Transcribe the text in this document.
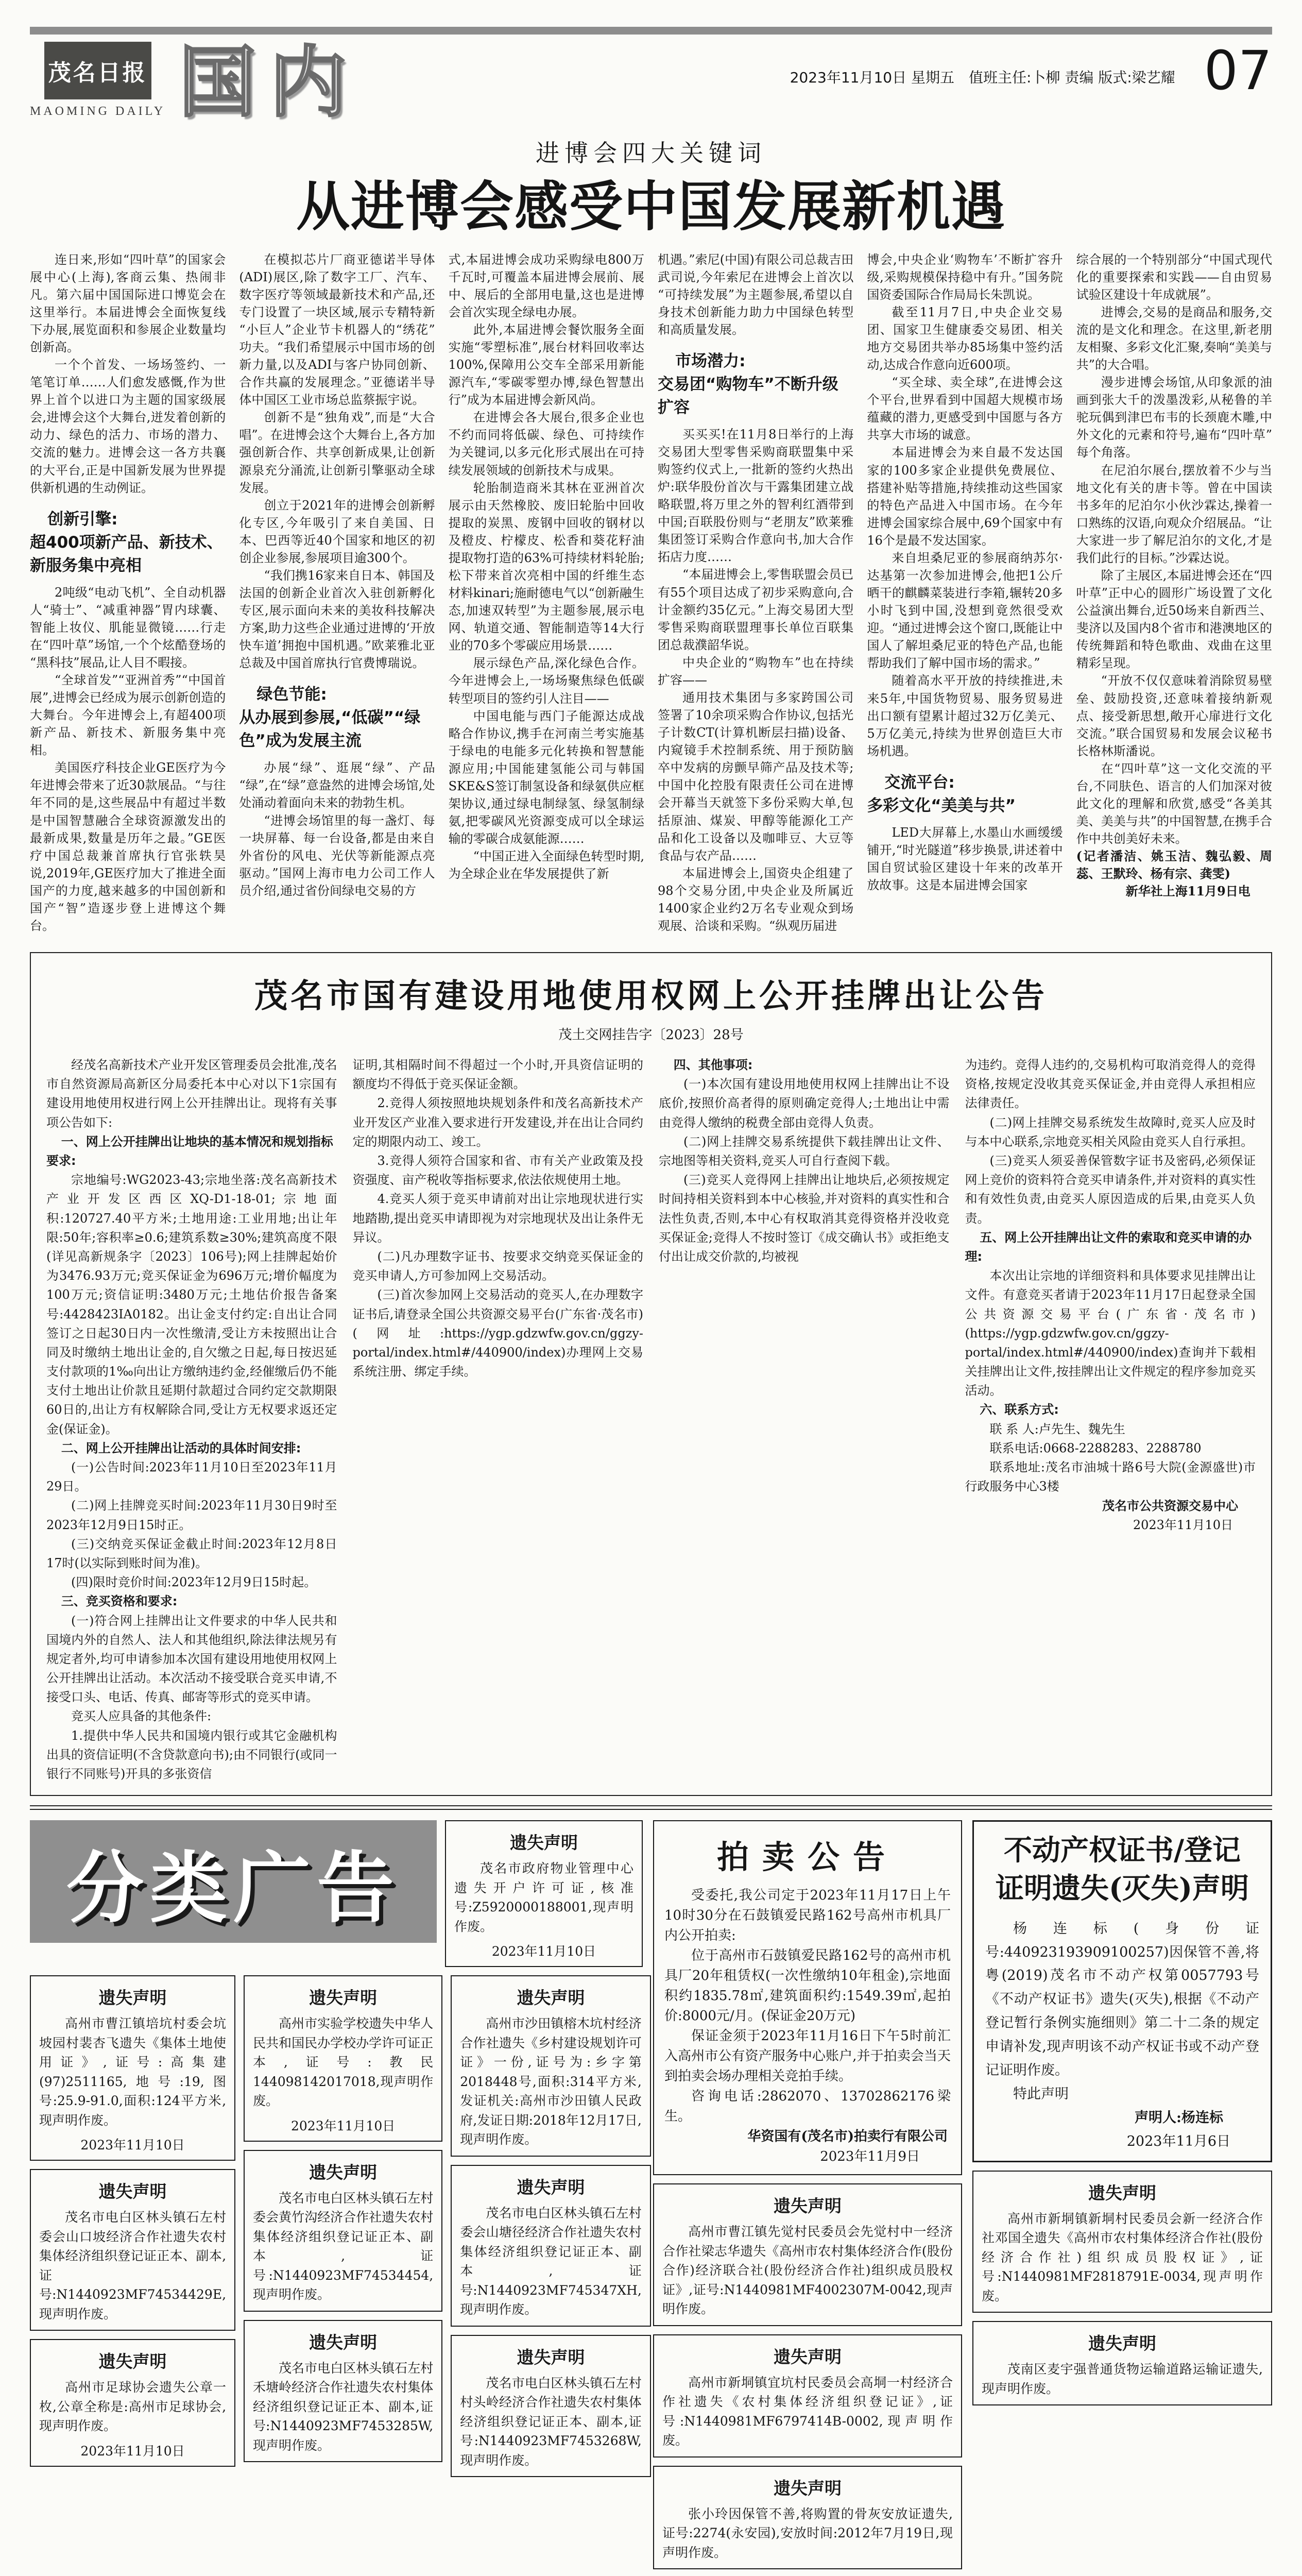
茂名日报
MAOMING DAILY 国内	2023年11月10日 星期五　值班主任:卜柳 责编 版式:梁艺耀 07
进博会四大关键词
从进博会感受中国发展新机遇

连日来,形如“四叶草”的国家会展中心(上海),客商云集、热闹非凡。第六届中国国际进口博览会在这里举行。本届进博会全面恢复线下办展,展览面积和参展企业数量均创新高。

一个个首发、一场场签约、一笔笔订单……人们愈发感慨,作为世界上首个以进口为主题的国家级展会,进博会这个大舞台,迸发着创新的动力、绿色的活力、市场的潜力、交流的魅力。进博会这一各方共襄的大平台,正是中国新发展为世界提供新机遇的生动例证。

创新引擎:

超400项新产品、新技术、新服务集中亮相

2吨级“电动飞机”、全自动机器人“骑士”、“减重神器”胃内球囊、智能上妆仪、肌能显微镜……行走在“四叶草”场馆,一个个炫酷登场的“黑科技”展品,让人目不暇接。

“全球首发”“亚洲首秀”“中国首展”,进博会已经成为展示创新创造的大舞台。今年进博会上,有超400项新产品、新技术、新服务集中亮相。

美国医疗科技企业GE医疗为今年进博会带来了近30款展品。“与往年不同的是,这些展品中有超过半数是中国智慧融合全球资源激发出的最新成果,数量是历年之最。”GE医疗中国总裁兼首席执行官张轶昊说,2019年,GE医疗加大了推进全面国产的力度,越来越多的中国创新和国产“智”造逐步登上进博这个舞台。

在模拟芯片厂商亚德诺半导体(ADI)展区,除了数字工厂、汽车、数字医疗等领域最新技术和产品,还专门设置了一块区域,展示专精特新“小巨人”企业节卡机器人的“绣花”功夫。“我们希望展示中国市场的创新力量,以及ADI与客户协同创新、合作共赢的发展理念。”亚德诺半导体中国区工业市场总监蔡振宇说。

创新不是“独角戏”,而是“大合唱”。在进博会这个大舞台上,各方加强创新合作、共享创新成果,让创新源泉充分涌流,让创新引擎驱动全球发展。

创立于2021年的进博会创新孵化专区,今年吸引了来自美国、日本、巴西等近40个国家和地区的初创企业参展,参展项目逾300个。

“我们携16家来自日本、韩国及法国的创新企业首次入驻创新孵化专区,展示面向未来的美妆科技解决方案,助力这些企业通过进博的‘开放快车道’拥抱中国机遇。”欧莱雅北亚总裁及中国首席执行官费博瑞说。

绿色节能:

从办展到参展,“低碳”“绿色”成为发展主流

办展“绿”、逛展“绿”、产品“绿”,在“绿”意盎然的进博会场馆,处处涌动着面向未来的勃勃生机。

“进博会场馆里的每一盏灯、每一块屏幕、每一台设备,都是由来自外省份的风电、光伏等新能源点亮驱动。”国网上海市电力公司工作人员介绍,通过省份间绿电交易的方

式,本届进博会成功采购绿电800万千瓦时,可覆盖本届进博会展前、展中、展后的全部用电量,这也是进博会首次实现全绿电办展。

此外,本届进博会餐饮服务全面实施“零塑标准”,展台材料回收率达100%,保障用公交车全部采用新能源汽车,“零碳零塑办博,绿色智慧出行”成为本届进博会新风尚。

在进博会各大展台,很多企业也不约而同将低碳、绿色、可持续作为关键词,以多元化形式展出在可持续发展领域的创新技术与成果。

轮胎制造商米其林在亚洲首次展示由天然橡胶、废旧轮胎中回收提取的炭黑、废钢中回收的钢材以及橙皮、柠檬皮、松香和葵花籽油提取物打造的63%可持续材料轮胎;松下带来首次亮相中国的纤维生态材料kinari;施耐德电气以“创新融生态,加速双转型”为主题参展,展示电网、轨道交通、智能制造等14大行业的70多个零碳应用场景……

展示绿色产品,深化绿色合作。今年进博会上,一场场聚焦绿色低碳转型项目的签约引人注目——

中国电能与西门子能源达成战略合作协议,携手在河南兰考实施基于绿电的电能多元化转换和智慧能源应用;中国能建氢能公司与韩国SKE&S签订制氢设备和绿氨供应框架协议,通过绿电制绿氢、绿氢制绿氨,把零碳风光资源变成可以全球运输的零碳合成氨能源……

“中国正进入全面绿色转型时期,为全球企业在华发展提供了新

机遇。”索尼(中国)有限公司总裁吉田武司说,今年索尼在进博会上首次以“可持续发展”为主题参展,希望以自身技术创新能力助力中国绿色转型和高质量发展。

市场潜力:

交易团“购物车”不断升级扩容

买买买!在11月8日举行的上海交易团大型零售采购商联盟集中采购签约仪式上,一批新的签约火热出炉:联华股份首次与干露集团建立战略联盟,将万里之外的智利红酒带到中国;百联股份则与“老朋友”欧莱雅集团签订采购合作意向书,加大合作拓店力度……

“本届进博会上,零售联盟会员已有55个项目达成了初步采购意向,合计金额约35亿元。”上海交易团大型零售采购商联盟理事长单位百联集团总裁濮韶华说。

中央企业的“购物车”也在持续扩容——

通用技术集团与多家跨国公司签署了10余项采购合作协议,包括光子计数CT(计算机断层扫描)设备、内窥镜手术控制系统、用于预防脑卒中发病的房颤早筛产品及技术等;中国中化控股有限责任公司在进博会开幕当天就签下多份采购大单,包括原油、煤炭、甲醇等能源化工产品和化工设备以及咖啡豆、大豆等食品与农产品……

本届进博会上,国资央企组建了98个交易分团,中央企业及所属近1400家企业约2万名专业观众到场观展、洽谈和采购。“纵观历届进

博会,中央企业‘购物车’不断扩容升级,采购规模保持稳中有升。”国务院国资委国际合作局局长朱凯说。

截至11月7日,中央企业交易团、国家卫生健康委交易团、相关地方交易团共举办85场集中签约活动,达成合作意向近600项。

“买全球、卖全球”,在进博会这个平台,世界看到中国超大规模市场蕴藏的潜力,更感受到中国愿与各方共享大市场的诚意。

本届进博会为来自最不发达国家的100多家企业提供免费展位、搭建补贴等措施,持续推动这些国家的特色产品进入中国市场。在今年进博会国家综合展中,69个国家中有16个是最不发达国家。

来自坦桑尼亚的参展商纳苏尔·达基第一次参加进博会,他把1公斤晒干的麒麟菜装进行李箱,辗转20多小时飞到中国,没想到竟然很受欢迎。“通过进博会这个窗口,既能让中国人了解坦桑尼亚的特色产品,也能帮助我们了解中国市场的需求。”

随着高水平开放的持续推进,未来5年,中国货物贸易、服务贸易进出口额有望累计超过32万亿美元、5万亿美元,持续为世界创造巨大市场机遇。

交流平台:

多彩文化“美美与共”

LED大屏幕上,水墨山水画缓缓铺开,“时光隧道”移步换景,讲述着中国自贸试验区建设十年来的改革开放故事。这是本届进博会国家

综合展的一个特别部分“中国式现代化的重要探索和实践——自由贸易试验区建设十年成就展”。

进博会,交易的是商品和服务,交流的是文化和理念。在这里,新老朋友相聚、多彩文化汇聚,奏响“美美与共”的大合唱。

漫步进博会场馆,从印象派的油画到张大千的泼墨泼彩,从秘鲁的羊驼玩偶到津巴布韦的长颈鹿木雕,中外文化的元素和符号,遍布“四叶草”每个角落。

在尼泊尔展台,摆放着不少与当地文化有关的唐卡等。曾在中国读书多年的尼泊尔小伙沙霖达,操着一口熟练的汉语,向观众介绍展品。“让大家进一步了解尼泊尔的文化,才是我们此行的目标。”沙霖达说。

除了主展区,本届进博会还在“四叶草”正中心的圆形广场设置了文化公益演出舞台,近50场来自新西兰、斐济以及国内8个省市和港澳地区的传统舞蹈和特色歌曲、戏曲在这里精彩呈现。

“开放不仅仅意味着消除贸易壁垒、鼓励投资,还意味着接纳新观点、接受新思想,敞开心扉进行文化交流。”联合国贸易和发展会议秘书长格林斯潘说。

在“四叶草”这一文化交流的平台,不同肤色、语言的人们加深对彼此文化的理解和欣赏,感受“各美其美、美美与共”的中国智慧,在携手合作中共创美好未来。

(记者潘洁、姚玉洁、魏弘毅、周蕊、王默玲、杨有宗、龚雯)

新华社上海11月9日电

茂名市国有建设用地使用权网上公开挂牌出让公告
茂土交网挂告字〔2023〕28号

经茂名高新技术产业开发区管理委员会批准,茂名市自然资源局高新区分局委托本中心对以下1宗国有建设用地使用权进行网上公开挂牌出让。现将有关事项公告如下:

一、网上公开挂牌出让地块的基本情况和规划指标要求:

宗地编号:WG2023-43;宗地坐落:茂名高新技术产业开发区西区XQ-D1-18-01;宗地面积:120727.40平方米;土地用途:工业用地;出让年限:50年;容积率≥0.6;建筑系数≥30%;建筑高度不限(详见高新规条字〔2023〕106号);网上挂牌起始价为3476.93万元;竞买保证金为696万元;增价幅度为100万元;资信证明:3480万元;土地估价报告备案号:4428423IA0182。出让金支付约定:自出让合同签订之日起30日内一次性缴清,受让方未按照出让合同及时缴纳土地出让金的,自欠缴之日起,每日按迟延支付款项的1‰向出让方缴纳违约金,经催缴后仍不能支付土地出让价款且延期付款超过合同约定交款期限60日的,出让方有权解除合同,受让方无权要求返还定金(保证金)。

二、网上公开挂牌出让活动的具体时间安排:

(一)公告时间:2023年11月10日至2023年11月29日。

(二)网上挂牌竞买时间:2023年11月30日9时至2023年12月9日15时正。

(三)交纳竞买保证金截止时间:2023年12月8日17时(以实际到账时间为准)。

(四)限时竞价时间:2023年12月9日15时起。

三、竞买资格和要求:

(一)符合网上挂牌出让文件要求的中华人民共和国境内外的自然人、法人和其他组织,除法律法规另有规定者外,均可申请参加本次国有建设用地使用权网上公开挂牌出让活动。本次活动不接受联合竞买申请,不接受口头、电话、传真、邮寄等形式的竞买申请。

竞买人应具备的其他条件:

1.提供中华人民共和国境内银行或其它金融机构出具的资信证明(不含贷款意向书);由不同银行(或同一银行不同账号)开具的多张资信

证明,其相隔时间不得超过一个小时,开具资信证明的额度均不得低于竞买保证金额。

2.竞得人须按照地块规划条件和茂名高新技术产业开发区产业准入要求进行开发建设,并在出让合同约定的期限内动工、竣工。

3.竞得人须符合国家和省、市有关产业政策及投资强度、亩产税收等指标要求,依法依规使用土地。

4.竞买人须于竞买申请前对出让宗地现状进行实地踏勘,提出竞买申请即视为对宗地现状及出让条件无异议。

(二)凡办理数字证书、按要求交纳竞买保证金的竞买申请人,方可参加网上交易活动。

(三)首次参加网上交易活动的竞买人,在办理数字证书后,请登录全国公共资源交易平台(广东省·茂名市)(网址:https://ygp.gdzwfw.gov.cn/ggzy-portal/index.html#/440900/index)办理网上交易系统注册、绑定手续。

四、其他事项:

(一)本次国有建设用地使用权网上挂牌出让不设底价,按照价高者得的原则确定竞得人;土地出让中需由竞得人缴纳的税费全部由竞得人负责。

(二)网上挂牌交易系统提供下载挂牌出让文件、宗地图等相关资料,竞买人可自行查阅下载。

(三)竞买人竞得网上挂牌出让地块后,必须按规定时间持相关资料到本中心核验,并对资料的真实性和合法性负责,否则,本中心有权取消其竞得资格并没收竞买保证金;竞得人不按时签订《成交确认书》或拒绝支付出让成交价款的,均被视

为违约。竞得人违约的,交易机构可取消竞得人的竞得资格,按规定没收其竞买保证金,并由竞得人承担相应法律责任。

(二)网上挂牌交易系统发生故障时,竞买人应及时与本中心联系,宗地竞买相关风险由竞买人自行承担。

(三)竞买人须妥善保管数字证书及密码,必须保证网上竞价的资料符合竞买申请条件,并对资料的真实性和有效性负责,由竞买人原因造成的后果,由竞买人负责。

五、网上公开挂牌出让文件的索取和竞买申请的办理:

本次出让宗地的详细资料和具体要求见挂牌出让文件。有意竞买者请于2023年11月17日起登录全国公共资源交易平台(广东省·茂名市)(https://ygp.gdzwfw.gov.cn/ggzy-portal/index.html#/440900/index)查询并下载相关挂牌出让文件,按挂牌出让文件规定的程序参加竞买活动。

六、联系方式:

联 系 人:卢先生、魏先生

联系电话:0668-2288283、2288780

联系地址:茂名市油城十路6号大院(金源盛世)市行政服务中心3楼

茂名市公共资源交易中心

2023年11月10日

分类广告
遗失声明

茂名市政府物业管理中心遗失开户许可证,核准号:Z5920000188001,现声明作废。

2023年11月10日
遗失声明

高州市曹江镇培坑村委会坑坡园村裴杏飞遗失《集体土地使用证》,证号:高集建(97)2511165,地号:19,图号:25.9-91.0,面积:124平方米,现声明作废。

2023年11月10日
遗失声明

茂名市电白区林头镇石左村委会山口坡经济合作社遗失农村集体经济组织登记证正本、副本,证号:N1440923MF74534429E,现声明作废。

遗失声明

高州市足球协会遗失公章一枚,公章全称是:高州市足球协会,现声明作废。

2023年11月10日
遗失声明

高州市实验学校遗失中华人民共和国民办学校办学许可证正本,证号:教民144098142017018,现声明作废。

2023年11月10日
遗失声明

茂名市电白区林头镇石左村委会黄竹沟经济合作社遗失农村集体经济组织登记证正本、副本,证号:N1440923MF74534454,现声明作废。

遗失声明

茂名市电白区林头镇石左村禾塘岭经济合作社遗失农村集体经济组织登记证正本、副本,证号:N1440923MF7453285W,现声明作废。

遗失声明

高州市沙田镇榕木坑村经济合作社遗失《乡村建设规划许可证》一份,证号为:乡字第2018448号,面积:314平方米,发证机关:高州市沙田镇人民政府,发证日期:2018年12月17日,现声明作废。

遗失声明

茂名市电白区林头镇石左村委会山塘径经济合作社遗失农村集体经济组织登记证正本、副本,证号:N1440923MF745347XH,现声明作废。

遗失声明

茂名市电白区林头镇石左村村头岭经济合作社遗失农村集体经济组织登记证正本、副本,证号:N1440923MF7453268W,现声明作废。

拍卖公告

受委托,我公司定于2023年11月17日上午10时30分在石鼓镇爱民路162号高州市机具厂内公开拍卖:

位于高州市石鼓镇爱民路162号的高州市机具厂20年租赁权(一次性缴纳10年租金),宗地面积约1835.78㎡,建筑面积约:1549.39㎡,起拍价:8000元/月。(保证金20万元)

保证金须于2023年11月16日下午5时前汇入高州市公有资产服务中心账户,并于拍卖会当天到拍卖会场办理相关竞拍手续。

咨询电话:2862070、13702862176梁生。

华资国有(茂名市)拍卖行有限公司

2023年11月9日

遗失声明

高州市曹江镇先觉村民委员会先觉村中一经济合作社梁志华遗失《高州市农村集体经济合作(股份合作)经济联合社(股份经济合作社)组织成员股权证》,证号:N1440981MF4002307M-0042,现声明作废。

遗失声明

高州市新垌镇宜坑村民委员会高垌一村经济合作社遗失《农村集体经济组织登记证》,证号:N1440981MF6797414B-0002,现声明作废。

遗失声明

张小玲因保管不善,将购置的骨灰安放证遗失,证号:2274(永安园),安放时间:2012年7月19日,现声明作废。

不动产权证书/登记
证明遗失(灭失)声明

杨连标(身份证号:440923193909100257)因保管不善,将粤(2019)茂名市不动产权第0057793号《不动产权证书》遗失(灭失),根据《不动产登记暂行条例实施细则》第二十二条的规定申请补发,现声明该不动产权证书或不动产登记证明作废。

特此声明

声明人:杨连标

2023年11月6日

遗失声明

高州市新垌镇新垌村民委员会新一经济合作社邓国全遗失《高州市农村集体经济合作社(股份经济合作社)组织成员股权证》,证号:N1440981MF2818791E-0034,现声明作废。

遗失声明

茂南区麦宇强普通货物运输道路运输证遗失,现声明作废。
